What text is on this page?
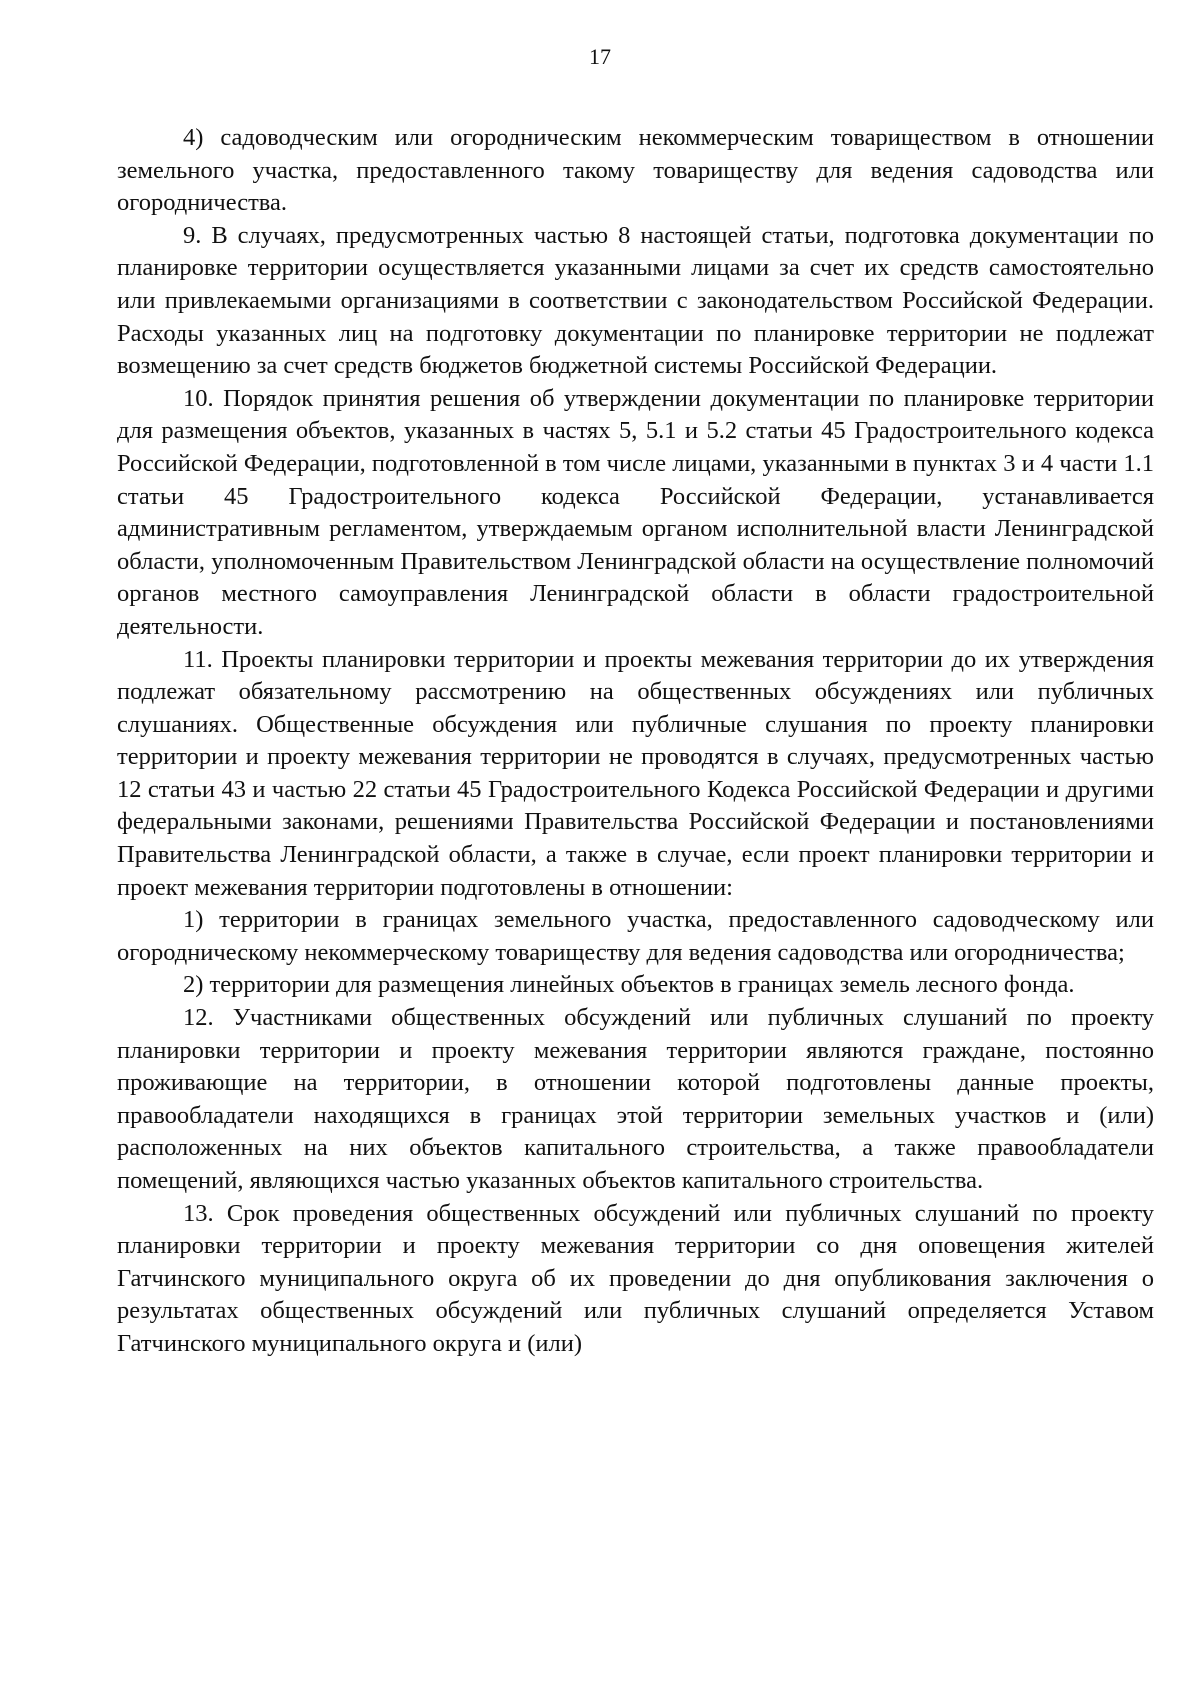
17

4) садоводческим или огородническим некоммерческим товариществом в отношении земельного участка, предоставленного такому товариществу для ведения садоводства или огородничества.

9. В случаях, предусмотренных частью 8 настоящей статьи, подготовка документации по планировке территории осуществляется указанными лицами за счет их средств самостоятельно или привлекаемыми организациями в соответствии с законодательством Российской Федерации. Расходы указанных лиц на подготовку документации по планировке территории не подлежат возмещению за счет средств бюджетов бюджетной системы Российской Федерации.

10. Порядок принятия решения об утверждении документации по планировке территории для размещения объектов, указанных в частях 5, 5.1 и 5.2 статьи 45 Градостроительного кодекса Российской Федерации, подготовленной в том числе лицами, указанными в пунктах 3 и 4 части 1.1 статьи 45 Градостроительного кодекса Российской Федерации, устанавливается административным регламентом, утверждаемым органом исполнительной власти Ленинградской области, уполномоченным Правительством Ленинградской области на осуществление полномочий органов местного самоуправления Ленинградской области в области градостроительной деятельности.

11. Проекты планировки территории и проекты межевания территории до их утверждения подлежат обязательному рассмотрению на общественных обсуждениях или публичных слушаниях. Общественные обсуждения или публичные слушания по проекту планировки территории и проекту межевания территории не проводятся в случаях, предусмотренных частью 12 статьи 43 и частью 22 статьи 45 Градостроительного Кодекса Российской Федерации и другими федеральными законами, решениями Правительства Российской Федерации и постановлениями Правительства Ленинградской области, а также в случае, если проект планировки территории и проект межевания территории подготовлены в отношении:

1) территории в границах земельного участка, предоставленного садоводческому или огородническому некоммерческому товариществу для ведения садоводства или огородничества;

2) территории для размещения линейных объектов в границах земель лесного фонда.

12. Участниками общественных обсуждений или публичных слушаний по проекту планировки территории и проекту межевания территории являются граждане, постоянно проживающие на территории, в отношении которой подготовлены данные проекты, правообладатели находящихся в границах этой территории земельных участков и (или) расположенных на них объектов капитального строительства, а также правообладатели помещений, являющихся частью указанных объектов капитального строительства.

13. Срок проведения общественных обсуждений или публичных слушаний по проекту планировки территории и проекту межевания территории со дня оповещения жителей Гатчинского муниципального округа об их проведении до дня опубликования заключения о результатах общественных обсуждений или публичных слушаний определяется Уставом Гатчинского муниципального округа и (или)
